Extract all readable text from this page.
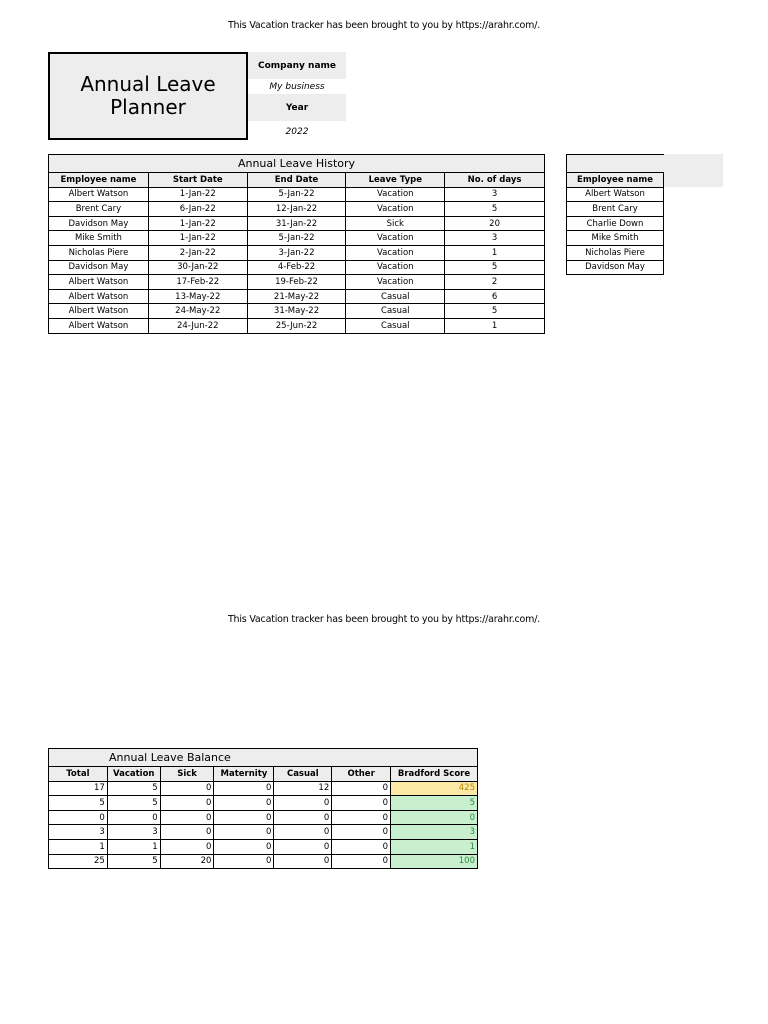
This Vacation tracker has been brought to you by https://arahr.com/.
Annual Leave
Planner
Company name
My business
Year
2022
Annual Leave History				
Employee name	Start Date	End Date	Leave Type	No. of days
Albert Watson	1-Jan-22	5-Jan-22	Vacation	3
Brent Cary	6-Jan-22	12-Jan-22	Vacation	5
Davidson May	1-Jan-22	31-Jan-22	Sick	20
Mike Smith	1-Jan-22	5-Jan-22	Vacation	3
Nicholas Piere	2-Jan-22	3-Jan-22	Vacation	1
Davidson May	30-Jan-22	4-Feb-22	Vacation	5
Albert Watson	17-Feb-22	19-Feb-22	Vacation	2
Albert Watson	13-May-22	21-May-22	Casual	6
Albert Watson	24-May-22	31-May-22	Casual	5
Albert Watson	24-Jun-22	25-Jun-22	Casual	1

Employee name
Albert Watson
Brent Cary
Charlie Down
Mike Smith
Nicholas Piere
Davidson May
This Vacation tracker has been brought to you by https://arahr.com/.
Annual Leave Balance						
Total	Vacation	Sick	Maternity	Casual	Other	Bradford Score
17	5	0	0	12	0	425
5	5	0	0	0	0	5
0	0	0	0	0	0	0
3	3	0	0	0	0	3
1	1	0	0	0	0	1
25	5	20	0	0	0	100
